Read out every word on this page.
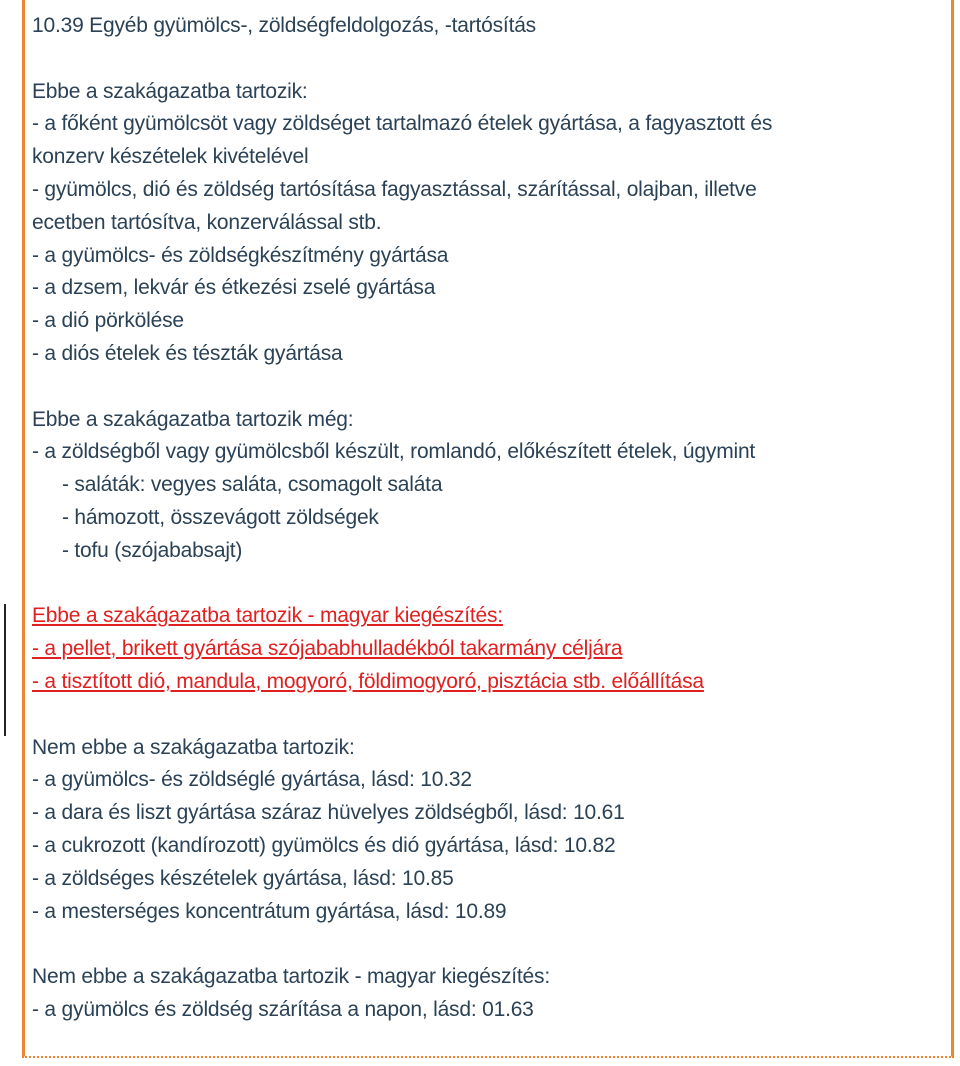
10.39 Egyéb gyümölcs-, zöldségfeldolgozás, -tartósítás
Ebbe a szakágazatba tartozik:
- a főként gyümölcsöt vagy zöldséget tartalmazó ételek gyártása, a fagyasztott és
konzerv készételek kivételével
- gyümölcs, dió és zöldség tartósítása fagyasztással, szárítással, olajban, illetve
ecetben tartósítva, konzerválással stb.
- a gyümölcs- és zöldségkészítmény gyártása
- a dzsem, lekvár és étkezési zselé gyártása
- a dió pörkölése
- a diós ételek és tészták gyártása
Ebbe a szakágazatba tartozik még:
- a zöldségből vagy gyümölcsből készült, romlandó, előkészített ételek, úgymint
- saláták: vegyes saláta, csomagolt saláta
- hámozott, összevágott zöldségek
- tofu (szójababsajt)
Ebbe a szakágazatba tartozik - magyar kiegészítés:
- a pellet, brikett gyártása szójababhulladékból takarmány céljára
- a tisztított dió, mandula, mogyoró, földimogyoró, pisztácia stb. előállítása
Nem ebbe a szakágazatba tartozik:
- a gyümölcs- és zöldséglé gyártása, lásd: 10.32
- a dara és liszt gyártása száraz hüvelyes zöldségből, lásd: 10.61
- a cukrozott (kandírozott) gyümölcs és dió gyártása, lásd: 10.82
- a zöldséges készételek gyártása, lásd: 10.85
- a mesterséges koncentrátum gyártása, lásd: 10.89
Nem ebbe a szakágazatba tartozik - magyar kiegészítés:
- a gyümölcs és zöldség szárítása a napon, lásd: 01.63
